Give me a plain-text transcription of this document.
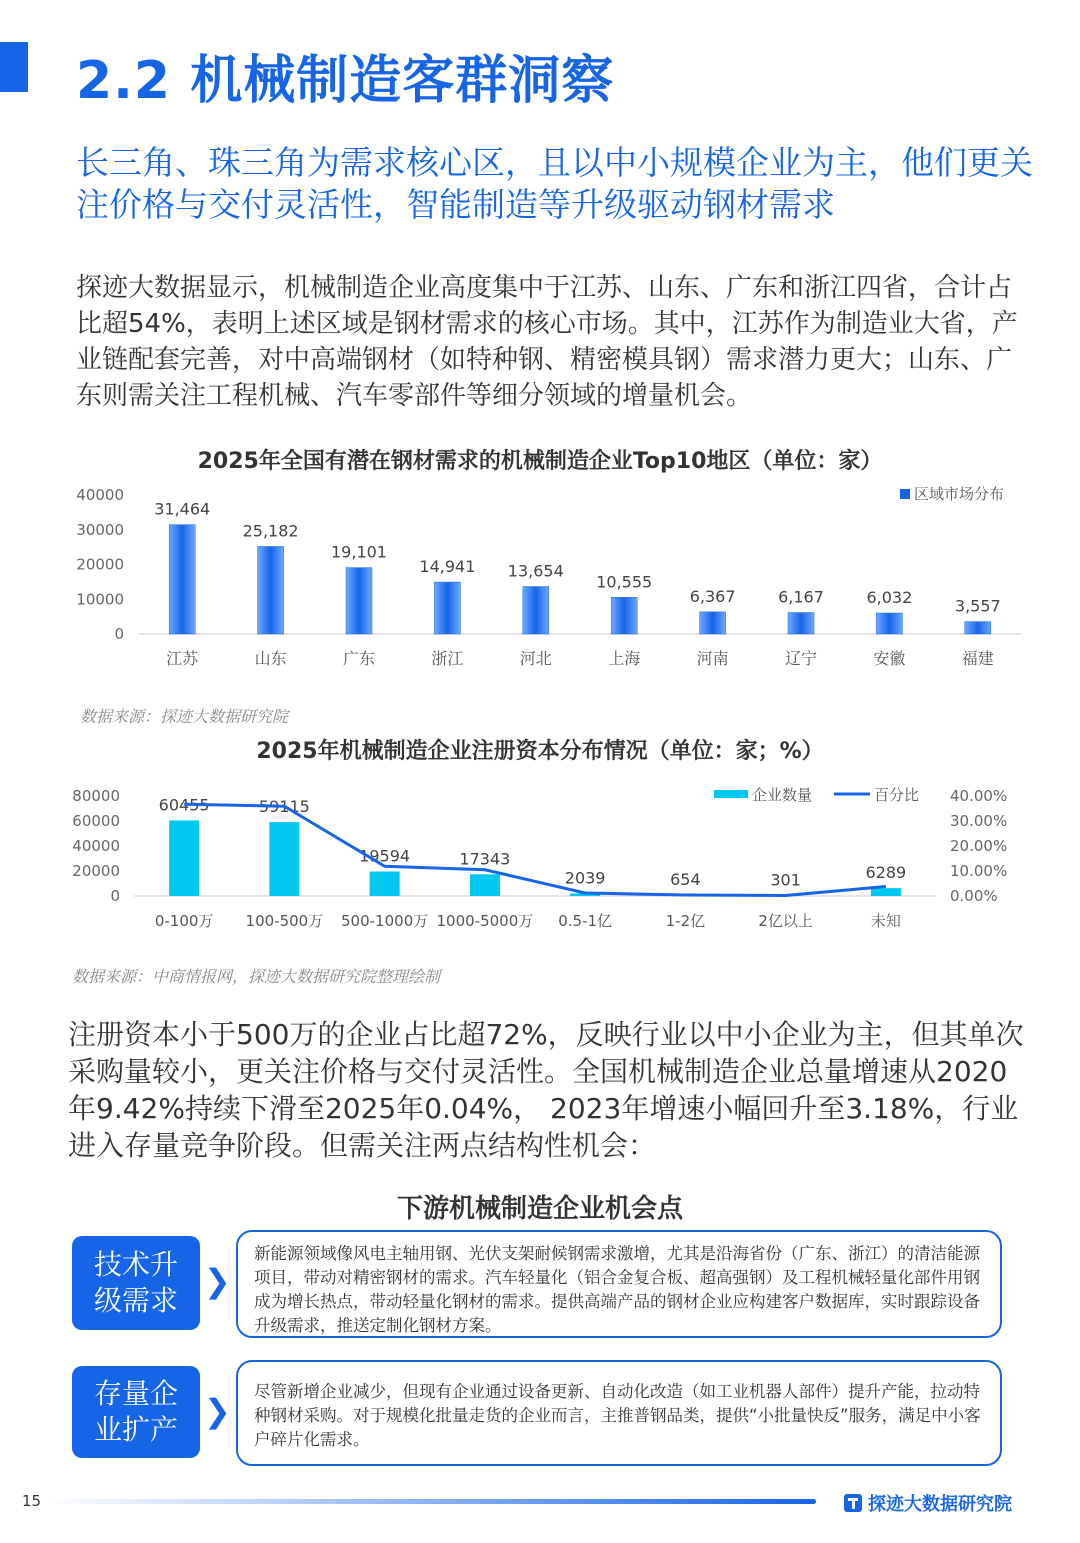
2.2 机械制造客群洞察
长三角、珠三角为需求核心区，且以中小规模企业为主，他们更关注价格与交付灵活性，智能制造等升级驱动钢材需求
探迹大数据显示，机械制造企业高度集中于江苏、山东、广东和浙江四省，合计占比超54%，表明上述区域是钢材需求的核心市场。其中，江苏作为制造业大省，产业链配套完善，对中高端钢材（如特种钢、精密模具钢）需求潜力更大；山东、广东则需关注工程机械、汽车零部件等细分领域的增量机会。
2025年全国有潜在钢材需求的机械制造企业Top10地区（单位：家）
40000
30000
20000
10000
0
31,464
江苏
25,182
山东
19,101
广东
14,941
浙江
13,654
河北
10,555
上海
6,367
河南
6,167
辽宁
6,032
安徽
3,557
福建
区域市场分布
数据来源：探迹大数据研究院
2025年机械制造企业注册资本分布情况（单位：家；%）
80000
60000
40000
20000
0
40.00%
30.00%
20.00%
10.00%
0.00%
60455
0-100万
59115
100-500万
19594
500-1000万
17343
1000-5000万
2039
0.5-1亿
654
1-2亿
301
2亿以上
6289
未知
企业数量	百分比
数据来源：中商情报网，探迹大数据研究院整理绘制
注册资本小于500万的企业占比超72%，反映行业以中小企业为主，但其单次采购量较小，更关注价格与交付灵活性。全国机械制造企业总量增速从2020年9.42%持续下滑至2025年0.04%， 2023年增速小幅回升至3.18%，行业进入存量竞争阶段。但需关注两点结构性机会：
下游机械制造企业机会点
技术升级需求
❯
新能源领域像风电主轴用钢、光伏支架耐候钢需求激增，尤其是沿海省份（广东、浙江）的清洁能源项目，带动对精密钢材的需求。汽车轻量化（铝合金复合板、超高强钢）及工程机械轻量化部件用钢成为增长热点，带动轻量化钢材的需求。提供高端产品的钢材企业应构建客户数据库，实时跟踪设备升级需求，推送定制化钢材方案。
存量企业扩产 ❯
尽管新增企业减少，但现有企业通过设备更新、自动化改造（如工业机器人部件）提升产能，拉动特种钢材采购。对于规模化批量走货的企业而言，主推普钢品类，提供“小批量快反”服务，满足中小客户碎片化需求。
15	探迹大数据研究院
